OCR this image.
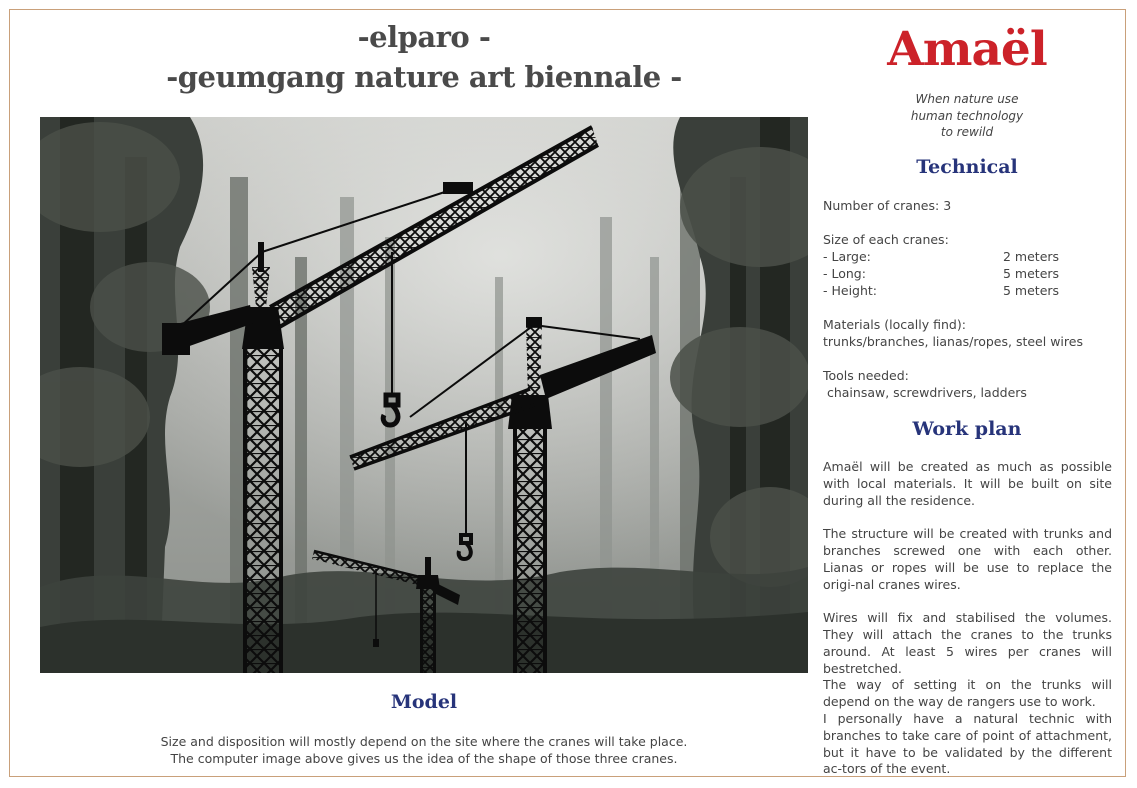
-elparo -
-geumgang nature art biennale -
Model
Size and disposition will mostly depend on the site where the cranes will take place.
The computer image above gives us the idea of the shape of those three cranes.
Amaël
When nature use
human technology
to rewild
Technical
Number of cranes: 3
Size of each cranes:
- Large:	2 meters
- Long:	5 meters
- Height:	5 meters
Materials (locally find):
trunks/branches, lianas/ropes, steel wires
Tools needed:
chainsaw, screwdrivers, ladders
Work plan

Amaël will be created as much as possible with local materials. It will be built on site during all the residence.

The structure will be created with trunks and branches screwed one with each other. Lianas or ropes will be use to replace the origi-nal cranes wires.

Wires will fix and stabilised the volumes. They will attach the cranes to the trunks around. At least 5 wires per cranes will bestretched.

The way of setting it on the trunks will depend on the way de rangers use to work.

I personally have a natural technic with branches to take care of point of attachment, but it have to be validated by the different ac-tors of the event.
